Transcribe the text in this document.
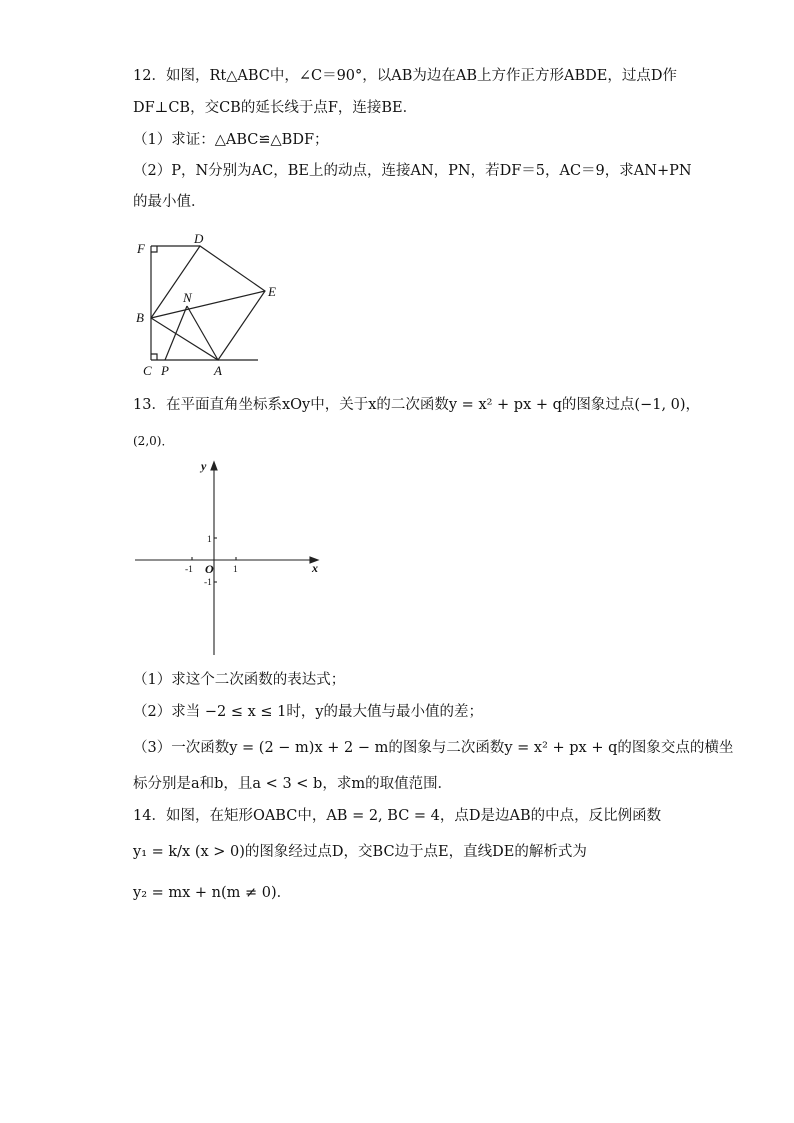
12．如图，Rt△ABC中，∠C＝90°，以AB为边在AB上方作正方形ABDE，过点D作
DF⊥CB，交CB的延长线于点F，连接BE．
（1）求证：△ABC≌△BDF；
（2）P，N分别为AC，BE上的动点，连接AN，PN，若DF＝5，AC＝9，求AN+PN
的最小值．
F
D
E
N
B
C P	A
13．在平面直角坐标系xOy中，关于x的二次函数y = x² + px + q的图象过点(−1, 0)，
(2,0)．
y
x
O
-1	1
1
-1
（1）求这个二次函数的表达式；
（2）求当 −2 ≤ x ≤ 1时，y的最大值与最小值的差；
（3）一次函数y = (2 − m)x + 2 − m的图象与二次函数y = x² + px + q的图象交点的横坐
标分别是a和b，且a < 3 < b，求m的取值范围．
14．如图，在矩形OABC中，AB = 2, BC = 4，点D是边AB的中点，反比例函数
y₁ = k/x (x > 0)的图象经过点D，交BC边于点E，直线DE的解析式为
y₂ = mx + n(m ≠ 0)．
